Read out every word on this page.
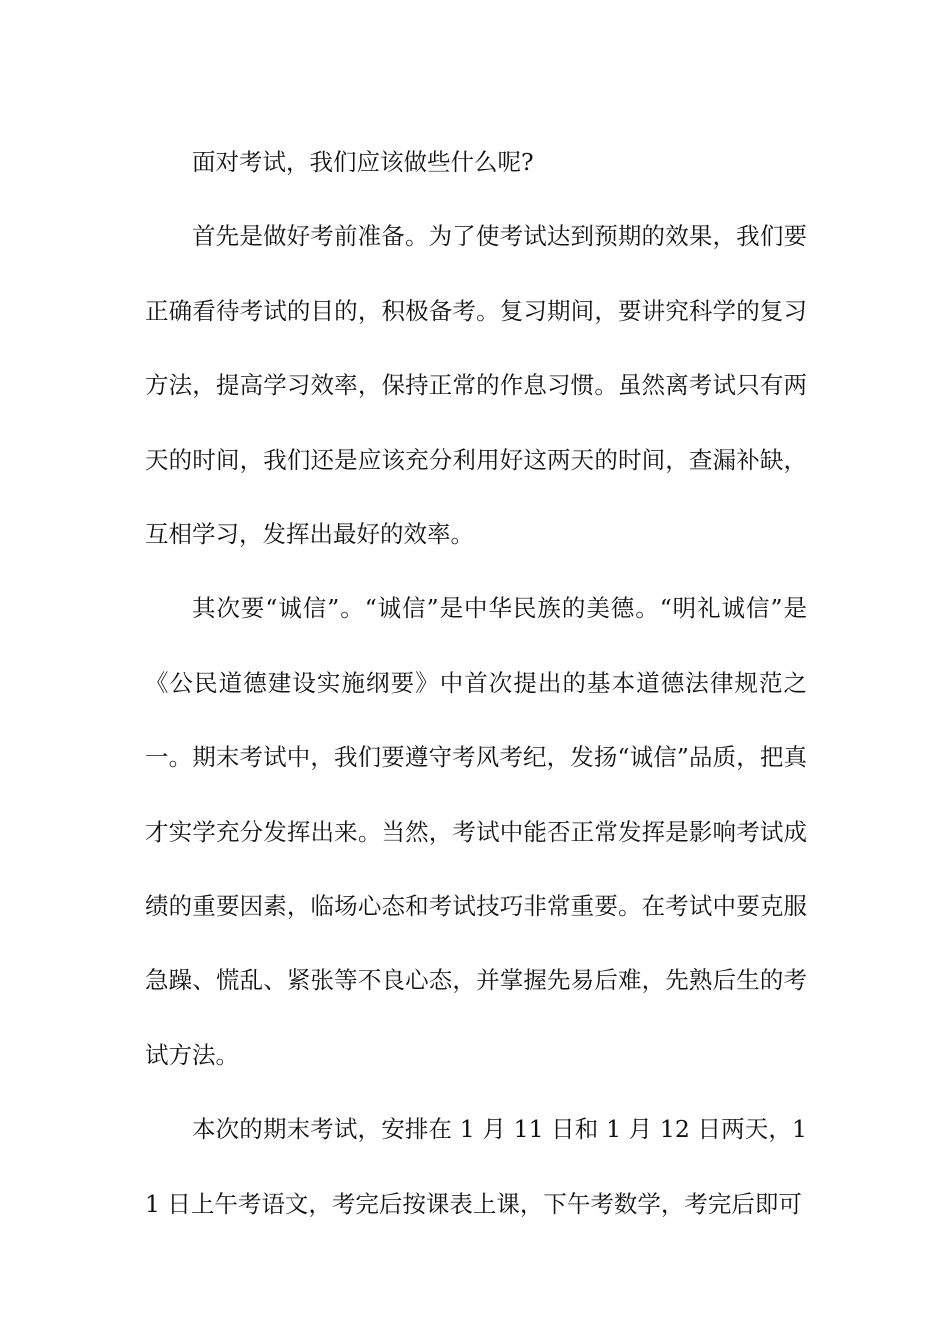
面对考试，我们应该做些什么呢?

首先是做好考前准备。为了使考试达到预期的效果，我们要正确看待考试的目的，积极备考。复习期间，要讲究科学的复习方法，提高学习效率，保持正常的作息习惯。虽然离考试只有两天的时间，我们还是应该充分利用好这两天的时间，查漏补缺，互相学习，发挥出最好的效率。

其次要“诚信”。“诚信”是中华民族的美德。“明礼诚信”是《公民道德建设实施纲要》中首次提出的基本道德法律规范之一。期末考试中，我们要遵守考风考纪，发扬“诚信”品质，把真才实学充分发挥出来。当然，考试中能否正常发挥是影响考试成绩的重要因素，临场心态和考试技巧非常重要。在考试中要克服急躁、慌乱、紧张等不良心态，并掌握先易后难，先熟后生的考试方法。

本次的期末考试，安排在 1 月 11 日和 1 月 12 日两天，11 日上午考语文，考完后按课表上课，下午考数学，考完后即可
